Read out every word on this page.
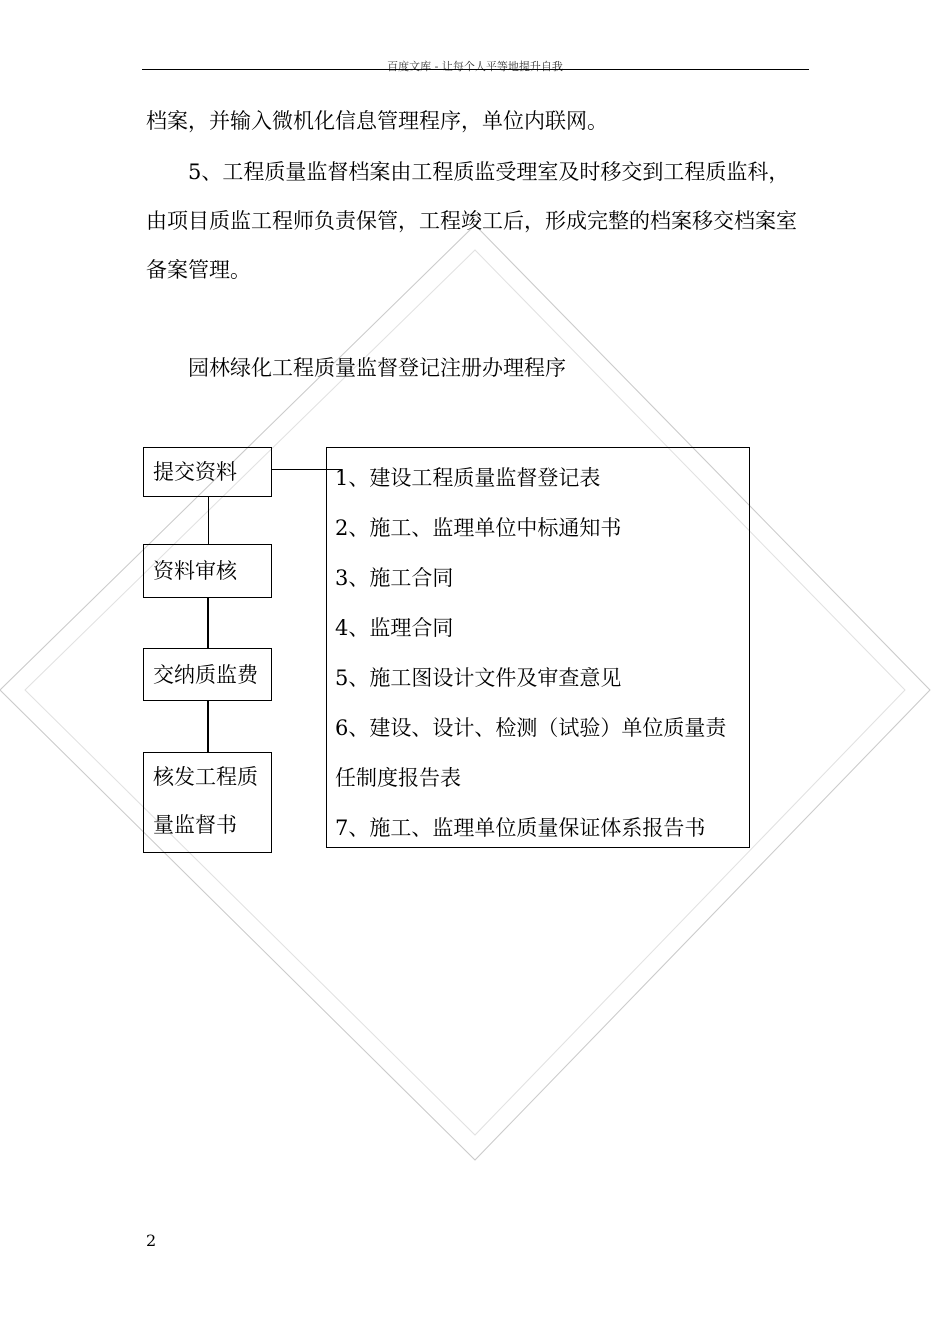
百度文库 - 让每个人平等地提升自我

档案，并输入微机化信息管理程序，单位内联网。

5、工程质量监督档案由工程质监受理室及时移交到工程质监科，由项目质监工程师负责保管，工程竣工后，形成完整的档案移交档案室备案管理。

园林绿化工程质量监督登记注册办理程序
提交资料
资料审核
交纳质监费
核发工程质量监督书
1、建设工程质量监督登记表
2、施工、监理单位中标通知书
3、施工合同
4、监理合同
5、施工图设计文件及审查意见
6、建设、设计、检测（试验）单位质量责
任制度报告表
7、施工、监理单位质量保证体系报告书
2
